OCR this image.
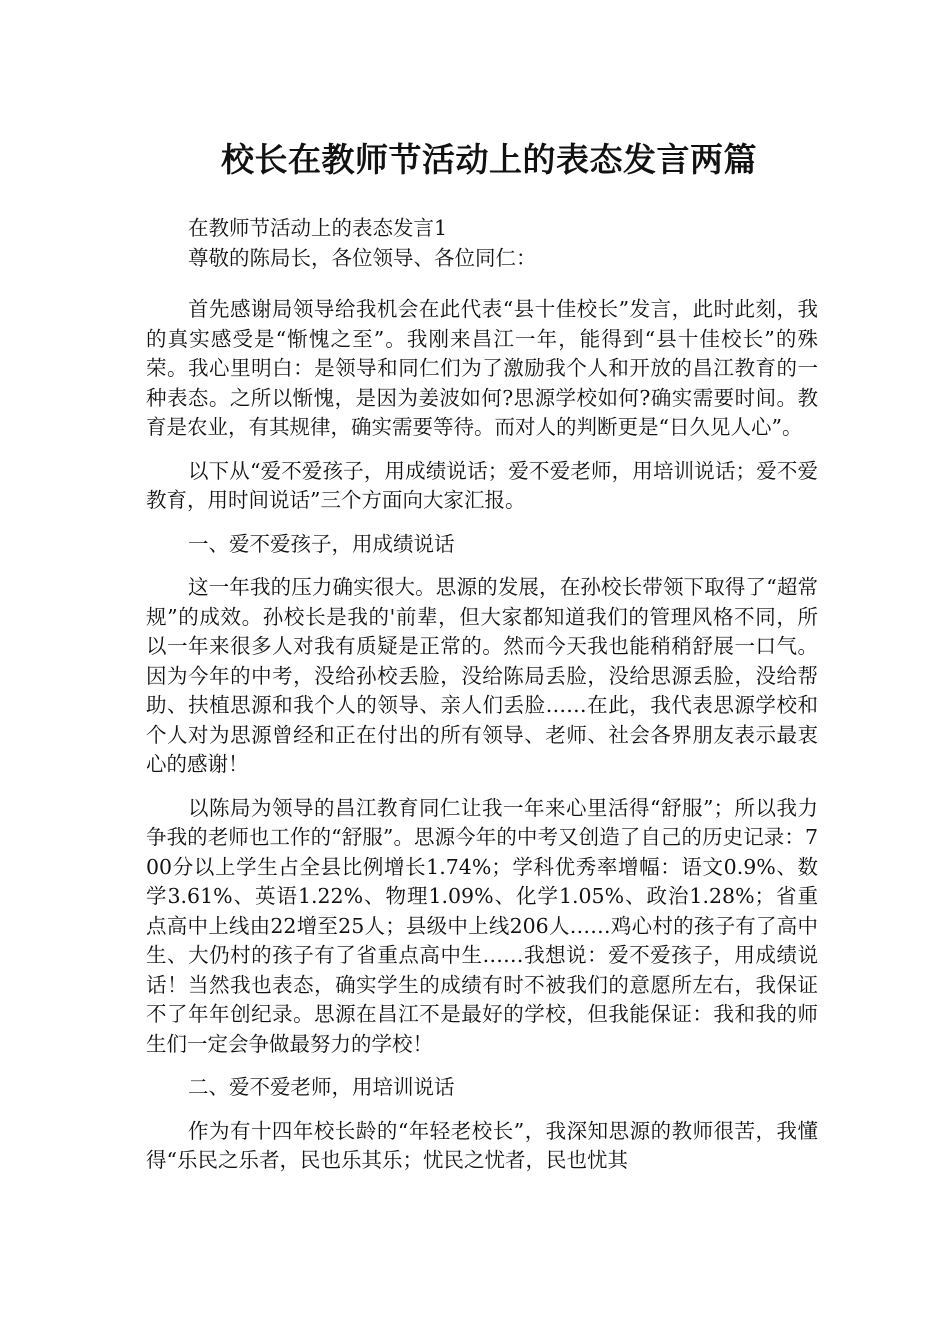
校长在教师节活动上的表态发言两篇

在教师节活动上的表态发言1

尊敬的陈局长，各位领导、各位同仁：

首先感谢局领导给我机会在此代表“县十佳校长”发言，此时此刻，我的真实感受是“惭愧之至”。我刚来昌江一年，能得到“县十佳校长”的殊荣。我心里明白：是领导和同仁们为了激励我个人和开放的昌江教育的一种表态。之所以惭愧，是因为姜波如何?思源学校如何?确实需要时间。教育是农业，有其规律，确实需要等待。而对人的判断更是“日久见人心”。

以下从“爱不爱孩子，用成绩说话；爱不爱老师，用培训说话；爱不爱教育，用时间说话”三个方面向大家汇报。

一、爱不爱孩子，用成绩说话

这一年我的压力确实很大。思源的发展，在孙校长带领下取得了“超常规”的成效。孙校长是我的'前辈，但大家都知道我们的管理风格不同，所以一年来很多人对我有质疑是正常的。然而今天我也能稍稍舒展一口气。因为今年的中考，没给孙校丢脸，没给陈局丢脸，没给思源丢脸，没给帮助、扶植思源和我个人的领导、亲人们丢脸……在此，我代表思源学校和个人对为思源曾经和正在付出的所有领导、老师、社会各界朋友表示最衷心的感谢！

以陈局为领导的昌江教育同仁让我一年来心里活得“舒服”；所以我力争我的老师也工作的“舒服”。思源今年的中考又创造了自己的历史记录：700分以上学生占全县比例增长1.74%；学科优秀率增幅：语文0.9%、数学3.61%、英语1.22%、物理1.09%、化学1.05%、政治1.28%；省重点高中上线由22增至25人；县级中上线206人……鸡心村的孩子有了高中生、大仍村的孩子有了省重点高中生……我想说：爱不爱孩子，用成绩说话！当然我也表态，确实学生的成绩有时不被我们的意愿所左右，我保证不了年年创纪录。思源在昌江不是最好的学校，但我能保证：我和我的师生们一定会争做最努力的学校！

二、爱不爱老师，用培训说话

作为有十四年校长龄的“年轻老校长”，我深知思源的教师很苦，我懂得“乐民之乐者，民也乐其乐；忧民之忧者，民也忧其
